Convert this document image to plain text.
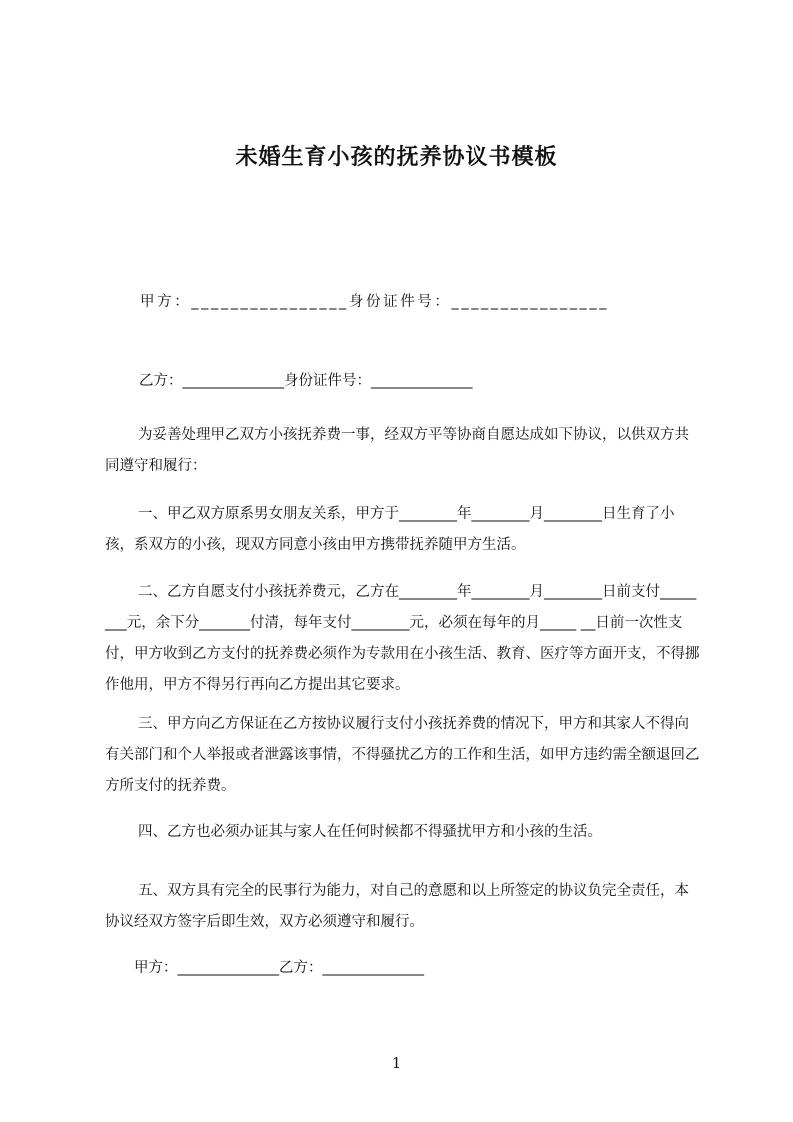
未婚生育小孩的抚养协议书模板
甲方：________________身份证件号：________________
乙方：______________身份证件号：______________
为妥善处理甲乙双方小孩抚养费一事，经双方平等协商自愿达成如下协议，以供双方共同遵守和履行：
一、甲乙双方原系男女朋友关系，甲方于________年________月________日生育了小孩，系双方的小孩，现双方同意小孩由甲方携带抚养随甲方生活。
二、乙方自愿支付小孩抚养费元，乙方在________年________月________日前支付________元，余下分_______付清，每年支付________元，必须在每年的月_____ __日前一次性支付，甲方收到乙方支付的抚养费必须作为专款用在小孩生活、教育、医疗等方面开支，不得挪作他用，甲方不得另行再向乙方提出其它要求。
三、甲方向乙方保证在乙方按协议履行支付小孩抚养费的情况下，甲方和其家人不得向有关部门和个人举报或者泄露该事情，不得骚扰乙方的工作和生活，如甲方违约需全额退回乙方所支付的抚养费。
四、乙方也必须办证其与家人在任何时候都不得骚扰甲方和小孩的生活。
五、双方具有完全的民事行为能力，对自己的意愿和以上所签定的协议负完全责任，本协议经双方签字后即生效，双方必须遵守和履行。
甲方：______________乙方：______________
1
